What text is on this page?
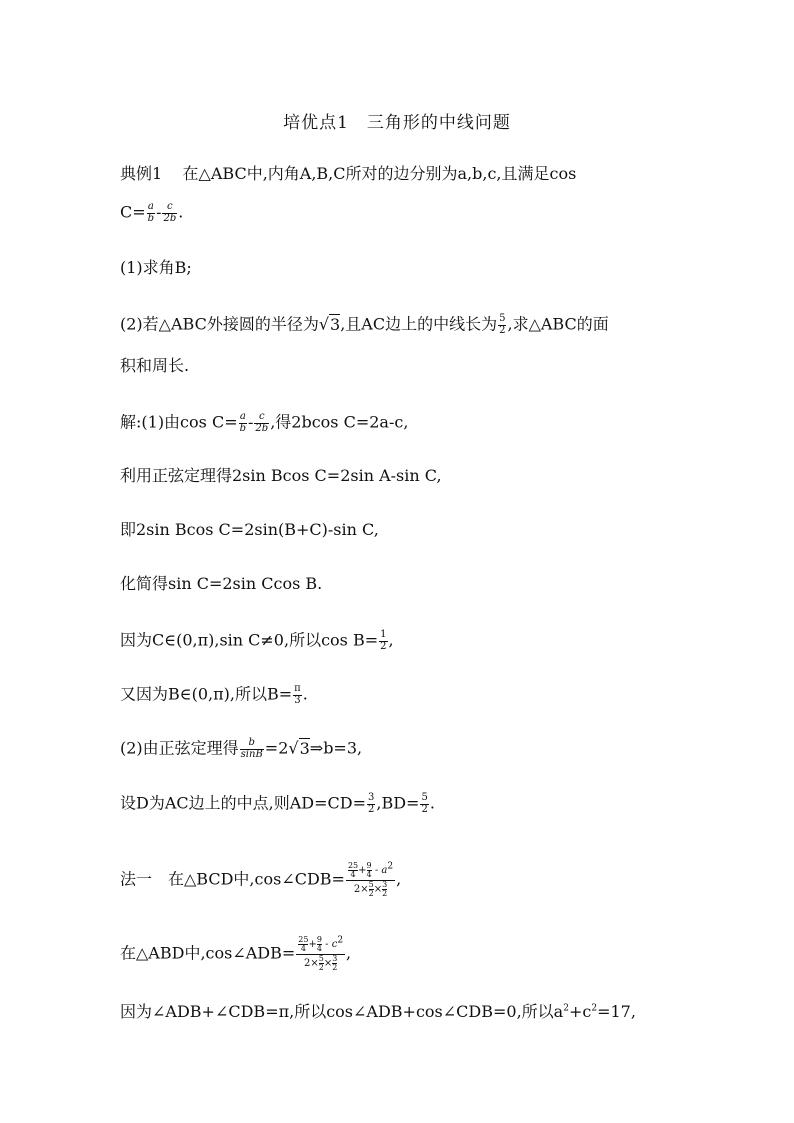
培优点1　三角形的中线问题
典例1 在△ABC中,内角A,B,C所对的边分别为a,b,c,且满足cos
$C= \frac{a}{b} - \frac{c}{2b}$ .
(1)求角B;
(2)若△ABC外接圆的半径为√3,且AC边上的中线长为 $\frac{5}{2}$ ,求△ABC的面
积和周长.
解:(1)由$\cos C= \frac{a}{b} - \frac{c}{2b}$ ,得2bcos C=2a-c,
利用正弦定理得2sin Bcos C=2sin A-sin C,
即2sin Bcos C=2sin(B+C)-sin C,
化简得sin C=2sin Ccos B.
因为C∈(0,π),sin C≠0,所以$\cos B= \frac{1}{2}$ ,
又因为B∈(0,π),所以$B= \frac{\pi}{3}$ .
(2)由正弦定理得 $\frac{b}{\sin B}$ =2√3⇒b=3,
设D为AC边上的中点,则$AD=CD= \frac{3}{2} ,BD= \frac{5}{2}$ .
法一　在△BCD中,cos∠CDB= $\frac{\frac{25}{4} + \frac{9}{4} - a^2}{2\times \frac{5}{2} \times \frac{3}{2}}$ ,
在△ABD中,cos∠ADB= $\frac{\frac{25}{4} + \frac{9}{4} - c^2}{2\times \frac{5}{2} \times \frac{3}{2}}$ ,
因为∠ADB+∠CDB=π,所以cos∠ADB+cos∠CDB=0,所以$a^2+c^2=17$,
